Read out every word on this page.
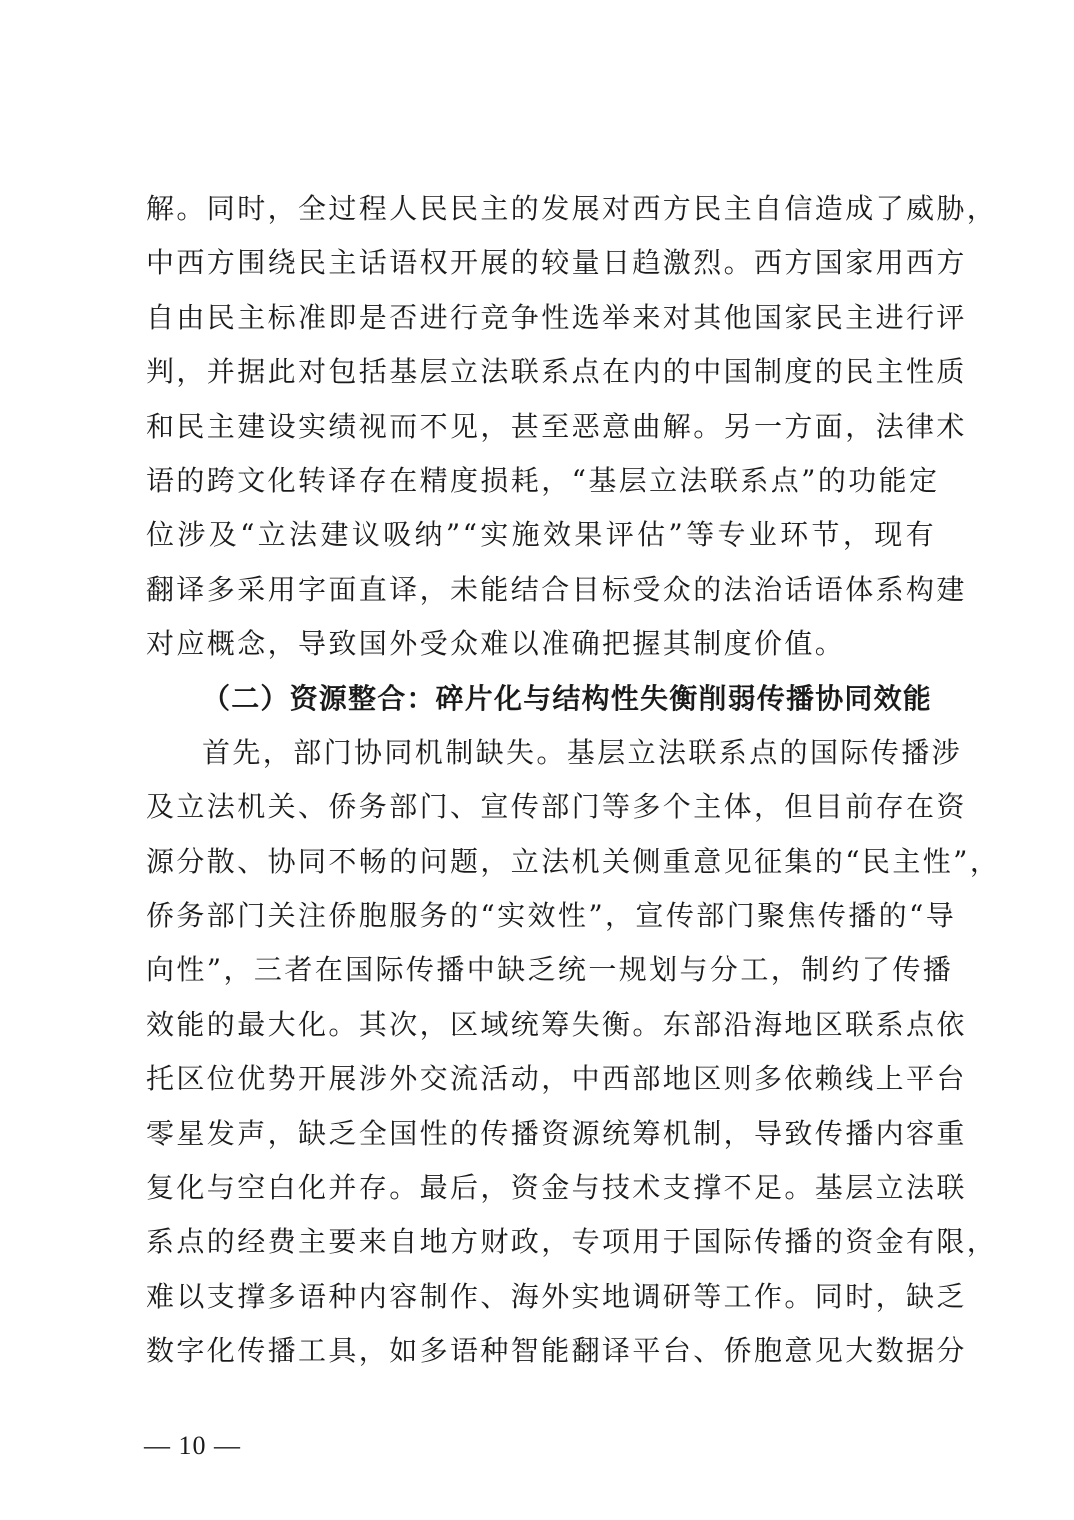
解。同时，全过程人民民主的发展对西方民主自信造成了威胁，
中西方围绕民主话语权开展的较量日趋激烈。西方国家用西方
自由民主标准即是否进行竞争性选举来对其他国家民主进行评
判，并据此对包括基层立法联系点在内的中国制度的民主性质
和民主建设实绩视而不见，甚至恶意曲解。另一方面，法律术
语的跨文化转译存在精度损耗，“基层立法联系点”的功能定
位涉及“立法建议吸纳”“实施效果评估”等专业环节，现有
翻译多采用字面直译，未能结合目标受众的法治话语体系构建
对应概念，导致国外受众难以准确把握其制度价值。
（二）资源整合：碎片化与结构性失衡削弱传播协同效能
首先，部门协同机制缺失。基层立法联系点的国际传播涉
及立法机关、侨务部门、宣传部门等多个主体，但目前存在资
源分散、协同不畅的问题，立法机关侧重意见征集的“民主性”，
侨务部门关注侨胞服务的“实效性”，宣传部门聚焦传播的“导
向性”，三者在国际传播中缺乏统一规划与分工，制约了传播
效能的最大化。其次，区域统筹失衡。东部沿海地区联系点依
托区位优势开展涉外交流活动，中西部地区则多依赖线上平台
零星发声，缺乏全国性的传播资源统筹机制，导致传播内容重
复化与空白化并存。最后，资金与技术支撑不足。基层立法联
系点的经费主要来自地方财政，专项用于国际传播的资金有限，
难以支撑多语种内容制作、海外实地调研等工作。同时，缺乏
数字化传播工具，如多语种智能翻译平台、侨胞意见大数据分
— 10 —
